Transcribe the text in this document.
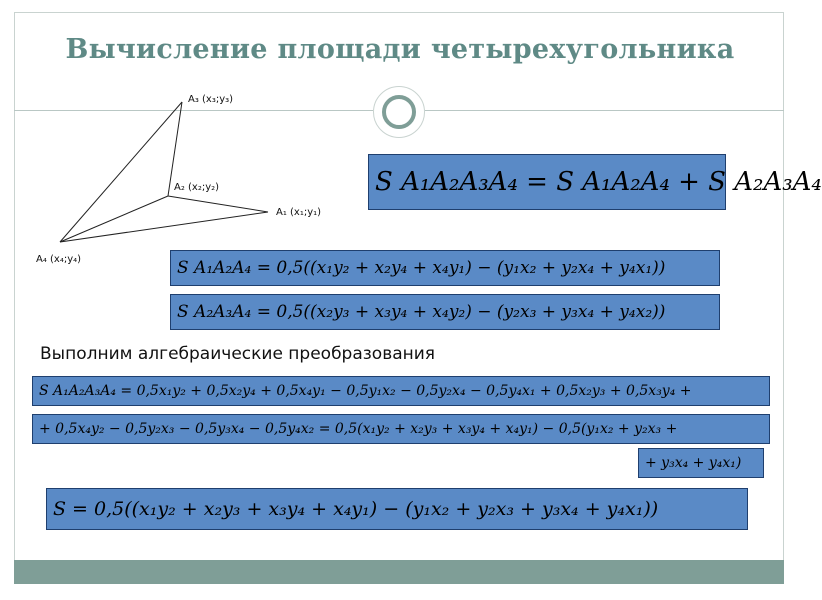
Вычисление площади четырехугольника
A₃ (x₃;y₃)
A₂ (x₂;y₂)
A₁ (x₁;y₁)
A₄ (x₄;y₄)
S A₁A₂A₃A₄ = S A₁A₂A₄ + S A₂A₃A₄
S A₁A₂A₄ = 0,5((x₁y₂ + x₂y₄ + x₄y₁) − (y₁x₂ + y₂x₄ + y₄x₁))
S A₂A₃A₄ = 0,5((x₂y₃ + x₃y₄ + x₄y₂) − (y₂x₃ + y₃x₄ + y₄x₂))
Выполним алгебраические преобразования
S A₁A₂A₃A₄ = 0,5x₁y₂ + 0,5x₂y₄ + 0,5x₄y₁ − 0,5y₁x₂ − 0,5y₂x₄ − 0,5y₄x₁ + 0,5x₂y₃ + 0,5x₃y₄ +
+ 0,5x₄y₂ − 0,5y₂x₃ − 0,5y₃x₄ − 0,5y₄x₂ = 0,5(x₁y₂ + x₂y₃ + x₃y₄ + x₄y₁) − 0,5(y₁x₂ + y₂x₃ +
+ y₃x₄ + y₄x₁)
S = 0,5((x₁y₂ + x₂y₃ + x₃y₄ + x₄y₁) − (y₁x₂ + y₂x₃ + y₃x₄ + y₄x₁))
